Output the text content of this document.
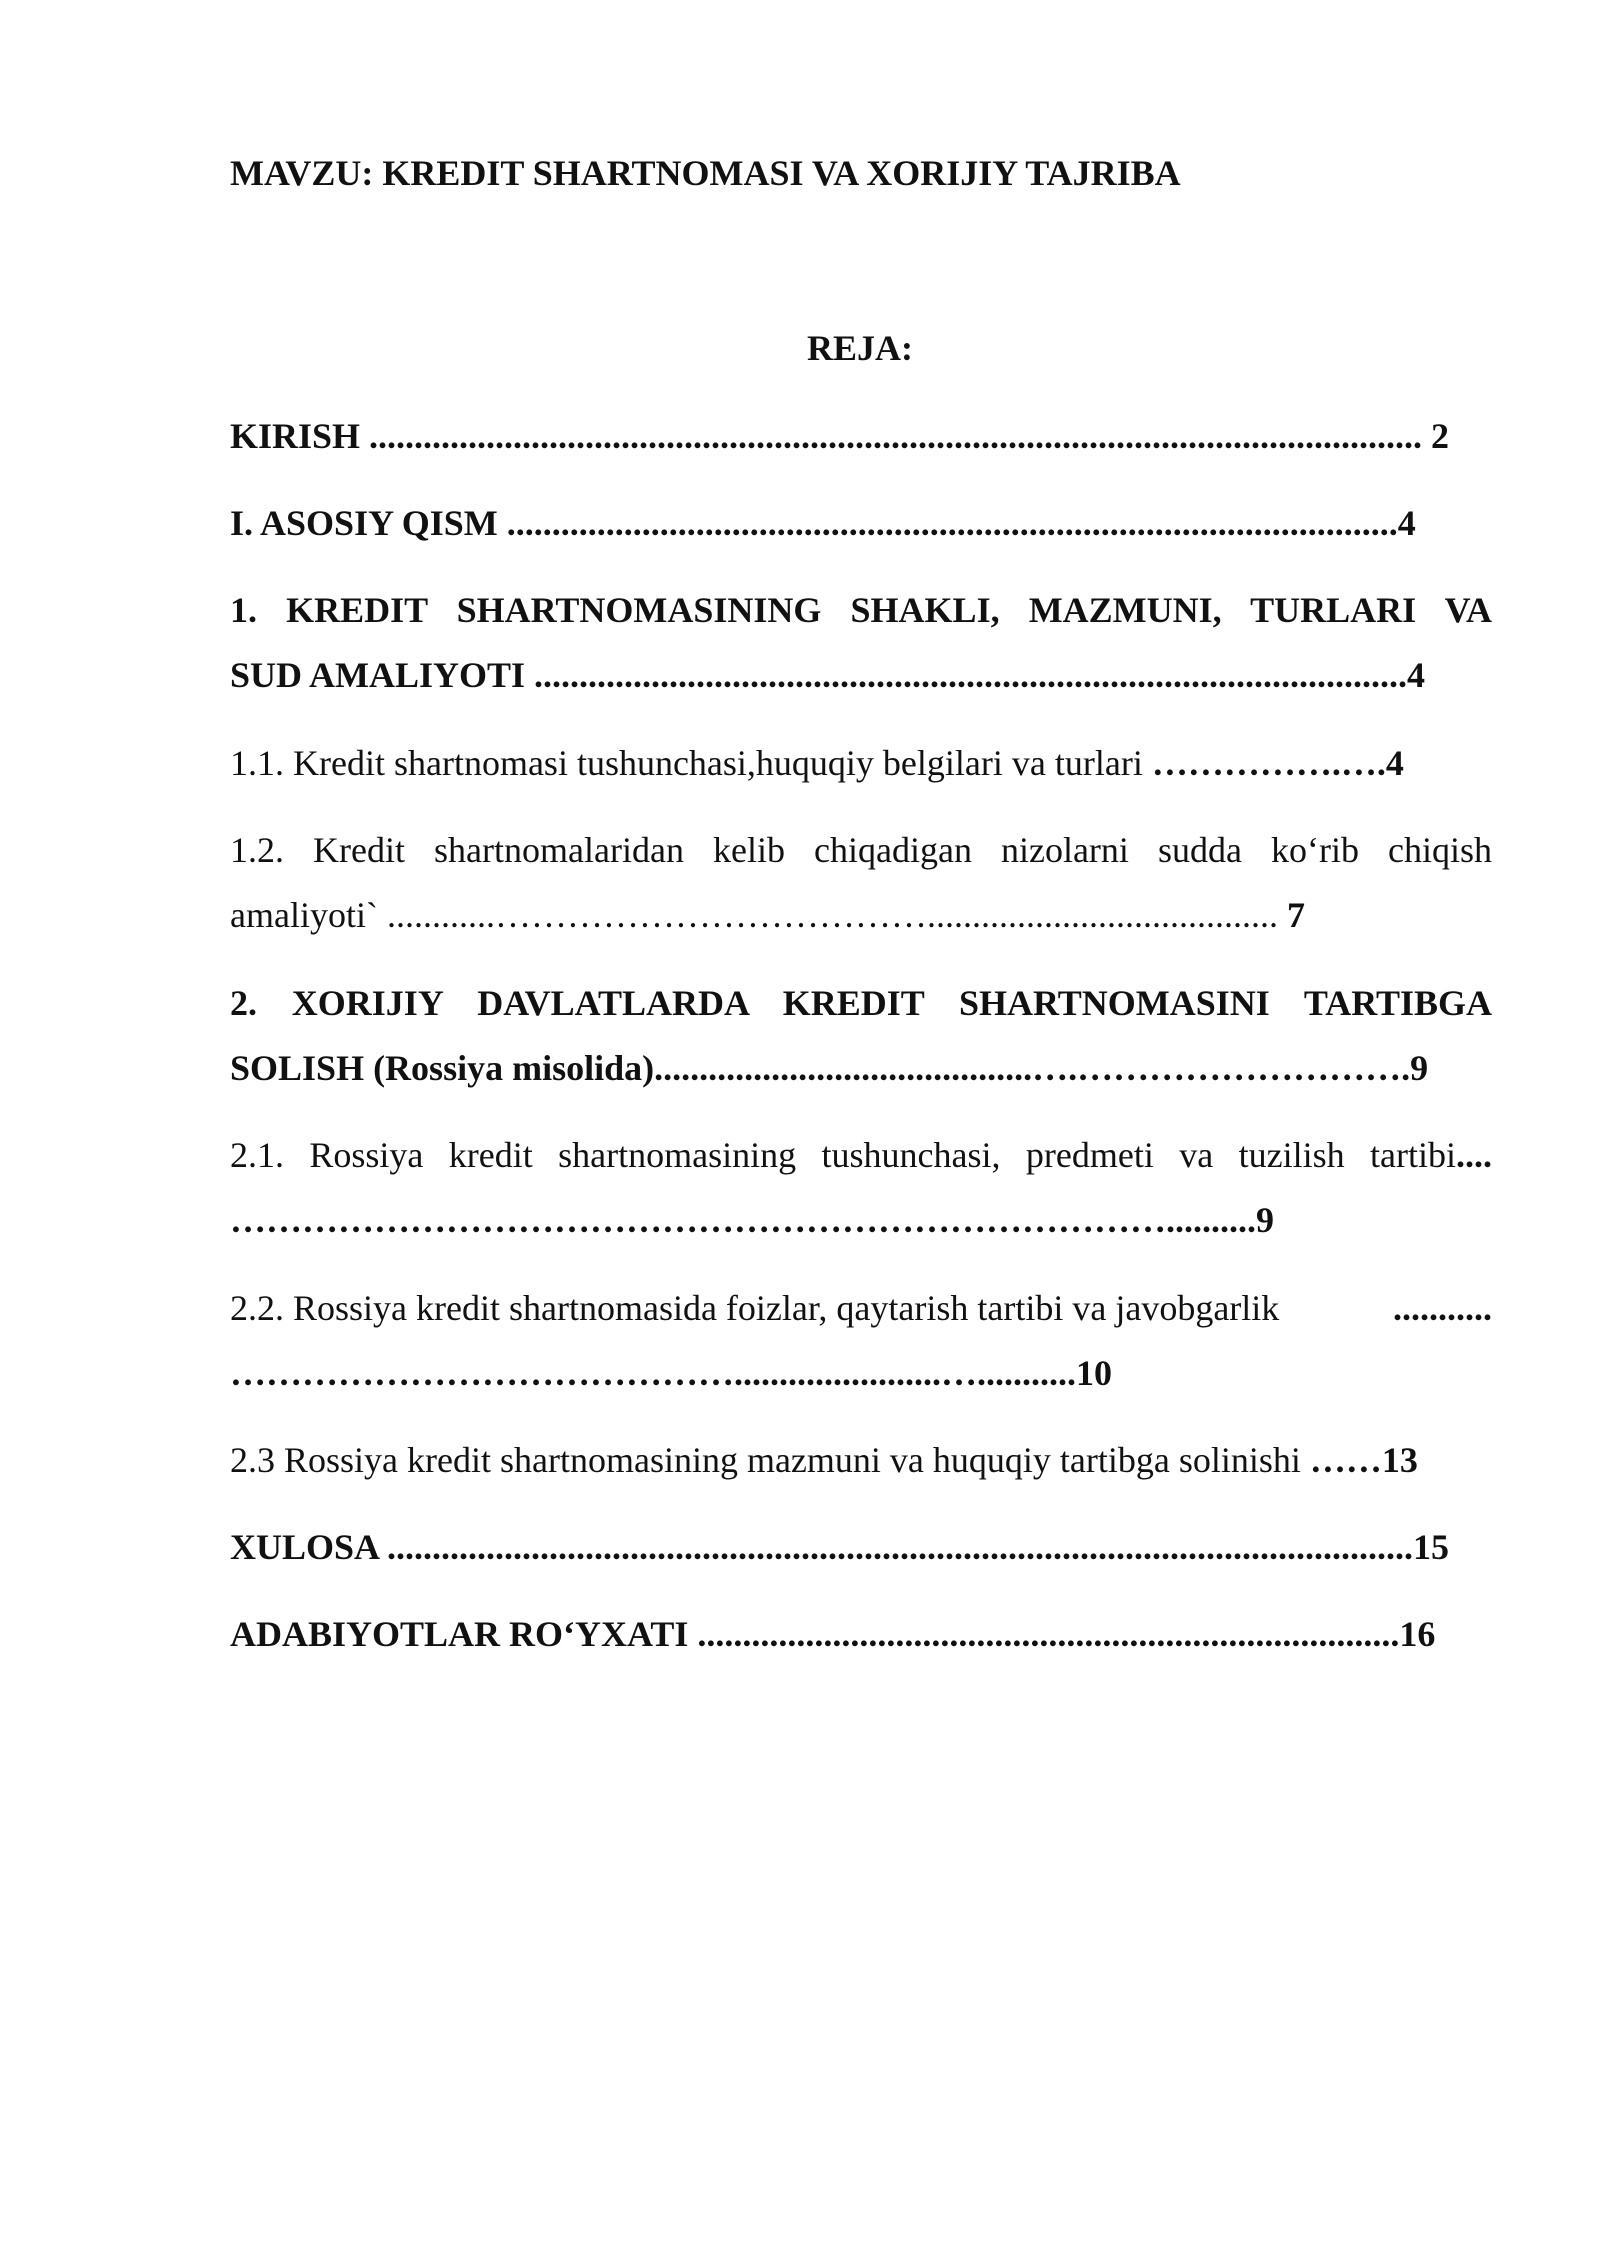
MAVZU: KREDIT SHARTNOMASI VA XORIJIY TAJRIBA
REJA:

KIRISH ..................................................................................................................... 2

I. ASOSIY QISM ...................................................................................................4

1. KREDIT SHARTNOMASINING SHAKLI, MAZMUNI, TURLARI VA

SUD AMALIYOTI .................................................................................................4

1.1. Kredit shartnomasi tushunchasi,huquqiy belgilari va turlari …………….….4

1.2. Kredit shartnomalaridan kelib chiqadigan nizolarni sudda ko‘rib chiqish

amaliyoti` ............………………………………....................................... 7

2. XORIJIY DAVLATLARDA KREDIT SHARTNOMASINI TARTIBGA

SOLISH (Rossiya misolida)..........................................….……………………….9

2.1. Rossiya kredit shartnomasining tushunchasi, predmeti va tuzilish tartibi....

……………………………………………………………………..........9

2.2. Rossiya kredit shartnomasida foizlar, qaytarish tartibi va javobgarlik	...........

…………………………………….......................…...........10

2.3 Rossiya kredit shartnomasining mazmuni va huquqiy tartibga solinishi ……13

XULOSA ..................................................................................................................15

ADABIYOTLAR RO‘YXATI ..............................................................................16
